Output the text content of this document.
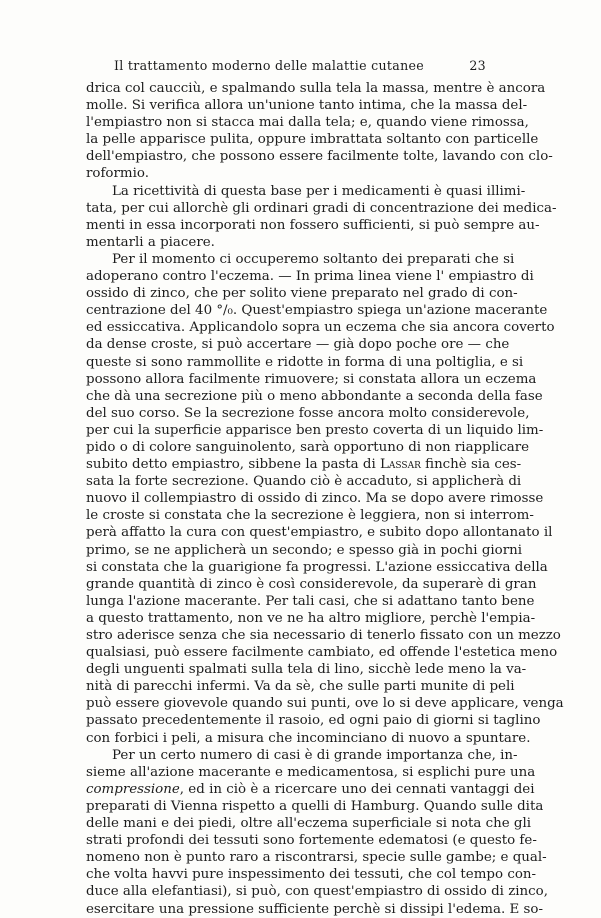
Il trattamento moderno delle malattie cutanee	23
drica col caucciù, e spalmando sulla tela la massa, mentre è ancora
molle. Si verifica allora un'unione tanto intima, che la massa del-
l'empiastro non si stacca mai dalla tela; e, quando viene rimossa,
la pelle apparisce pulita, oppure imbrattata soltanto con particelle
dell'empiastro, che possono essere facilmente tolte, lavando con clo-
roformio.
La ricettività di questa base per i medicamenti è quasi illimi-
tata, per cui allorchè gli ordinari gradi di concentrazione dei medica-
menti in essa incorporati non fossero sufficienti, si può sempre au-
mentarli a piacere.
Per il momento ci occuperemo soltanto dei preparati che si
adoperano contro l'eczema. — In prima linea viene l' empiastro di
ossido di zinco, che per solito viene preparato nel grado di con-
centrazione del 40 °/₀. Quest'empiastro spiega un'azione macerante
ed essiccativa. Applicandolo sopra un eczema che sia ancora coverto
da dense croste, si può accertare — già dopo poche ore — che
queste si sono rammollite e ridotte in forma di una poltiglia, e si
possono allora facilmente rimuovere; si constata allora un eczema
che dà una secrezione più o meno abbondante a seconda della fase
del suo corso. Se la secrezione fosse ancora molto considerevole,
per cui la superficie apparisce ben presto coverta di un liquido lim-
pido o di colore sanguinolento, sarà opportuno di non riapplicare
subito detto empiastro, sibbene la pasta di Lassar finchè sia ces-
sata la forte secrezione. Quando ciò è accaduto, si applicherà di
nuovo il collempiastro di ossido di zinco. Ma se dopo avere rimosse
le croste si constata che la secrezione è leggiera, non si interrom-
perà affatto la cura con quest'empiastro, e subito dopo allontanato il
primo, se ne applicherà un secondo; e spesso già in pochi giorni
si constata che la guarigione fa progressi. L'azione essiccativa della
grande quantità di zinco è così considerevole, da superarè di gran
lunga l'azione macerante. Per tali casi, che si adattano tanto bene
a questo trattamento, non ve ne ha altro migliore, perchè l'empia-
stro aderisce senza che sia necessario di tenerlo fissato con un mezzo
qualsiasi, può essere facilmente cambiato, ed offende l'estetica meno
degli unguenti spalmati sulla tela di lino, sicchè lede meno la va-
nità di parecchi infermi. Va da sè, che sulle parti munite di peli
può essere giovevole quando sui punti, ove lo si deve applicare, venga
passato precedentemente il rasoio, ed ogni paio di giorni si taglino
con forbici i peli, a misura che incominciano di nuovo a spuntare.
Per un certo numero di casi è di grande importanza che, in-
sieme all'azione macerante e medicamentosa, si esplichi pure una
compressione, ed in ciò è a ricercare uno dei cennati vantaggi dei
preparati di Vienna rispetto a quelli di Hamburg. Quando sulle dita
delle mani e dei piedi, oltre all'eczema superficiale si nota che gli
strati profondi dei tessuti sono fortemente edematosi (e questo fe-
nomeno non è punto raro a riscontrarsi, specie sulle gambe; e qual-
che volta havvi pure inspessimento dei tessuti, che col tempo con-
duce alla elefantiasi), si può, con quest'empiastro di ossido di zinco,
esercitare una pressione sufficiente perchè si dissipi l'edema. E so-
